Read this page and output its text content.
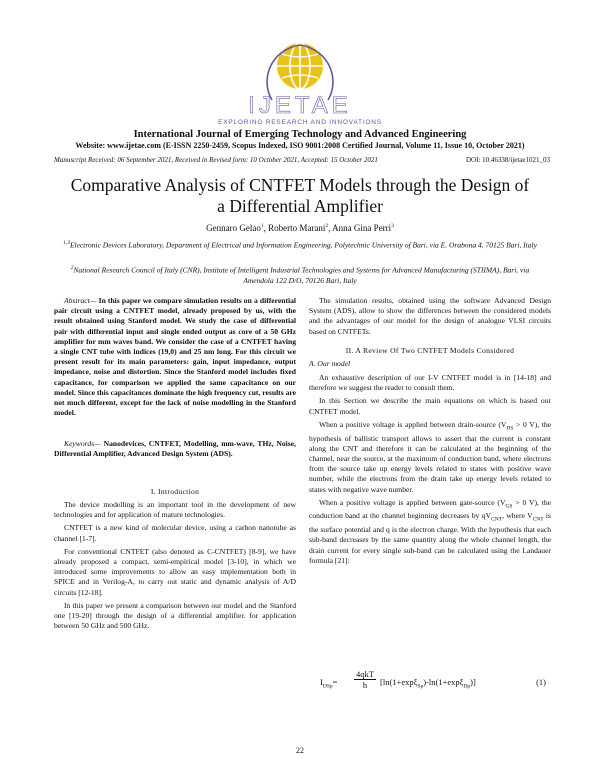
IJETAE
EXPLORING RESEARCH AND INNOVATIONS
International Journal of Emerging Technology and Advanced Engineering
Website: www.ijetae.com (E-ISSN 2250-2459, Scopus Indexed, ISO 9001:2008 Certified Journal, Volume 11, Issue 10, October 2021)
Manuscript Received: 06 September 2021, Received in Revised form: 10 October 2021, Accepted: 15 October 2021	DOI: 10.46338/ijetae1021_03
Comparative Analysis of CNTFET Models through the Design of a Differential Amplifier
Gennaro Gelao$^1$, Roberto Marani$^2$, Anna Gina Perri$^3$
$^{1,3}$Electronic Devices Laboratory, Department of Electrical and Information Engineering, Polytechnic University of Bari, via E. Orabona 4, 70125 Bari, Italy
$^2$National Research Council of Italy (CNR), Institute of Intelligent Industrial Technologies and Systems for Advanced Manufacturing (STIIMA), Bari, via Amendola 122 D/O, 70126 Bari, Italy

Abstract— In this paper we compare simulation results on a differential pair circuit using a CNTFET model, already proposed by us, with the result obtained using Stanford model. We study the case of differential pair with differential input and single ended output as core of a 50 GHz amplifier for mm waves band. We consider the case of a CNTFET having a single CNT tube with indices (19,0) and 25 nm long. For this circuit we present result for its main parameters: gain, input impedance, output impedance, noise and distortion. Since the Stanford model includes fixed capacitance, for comparison we applied the same capacitance on our model. Since this capacitances dominate the high frequency cut, results are not much different, except for the lack of noise modelling in the Stanford model.

Keywords— Nanodevices, CNTFET, Modelling, mm-wave, THz, Noise, Differential Amplifier, Advanced Design System (ADS).

I. Introduction

The device modelling is an important tool in the development of new technologies and for application of mature technologies.

CNTFET is a new kind of molecular device, using a carbon nanotube as channel [1-7].

For conventional CNTFET (also denoted as C-CNTFET) [8-9], we have already proposed a compact, semi-empirical model [3-10], in which we introduced some improvements to allow an easy implementation both in SPICE and in Verilog-A, to carry out static and dynamic analysis of A/D circuits [12-18].

In this paper we present a comparison between our model and the Stanford one [19-20] through the design of a differential amplifier. for application between 50 GHz and 500 GHz.

The simulation results, obtained using the software Advanced Design System (ADS), allow to show the differences between the considered models and the advantages of our model for the design of analogue VLSI circuits based on CNTFETs.

II. A Review Of Two CNTFET Models Considered
A. Our model

An exhaustive description of our I-V CNTFET model is in [14-18] and therefore we suggest the reader to consult them.

In this Section we describe the main equations on which is based our CNTFET model.

When a positive voltage is applied between drain-source ($V_{DS} > 0$ V), the hypothesis of ballistic transport allows to assert that the current is constant along the CNT and therefore it can be calculated at the beginning of the channel, near the source, at the maximum of conduction band, where electrons from the source take up energy levels related to states with positive wave number, while the electrons from the drain take up energy levels related to states with negative wave number.

When a positive voltage is applied between gate-source ($V_{GS} > 0$ V), the conduction band at the channel beginning decreases by $qV_{CNT}$, where $V_{CNT}$ is the surface potential and q is the electron charge. With the hypothesis that each sub-band decreases by the same quantity along the whole channel length, the drain current for every single sub-band can be calculated using the Landauer formula [21]:

$I_{DSp}=$
4qkT
h	[ln(1+expξ$_{Sp}$)-ln(1+expξ$_{Dp}$)]	(1)
22
